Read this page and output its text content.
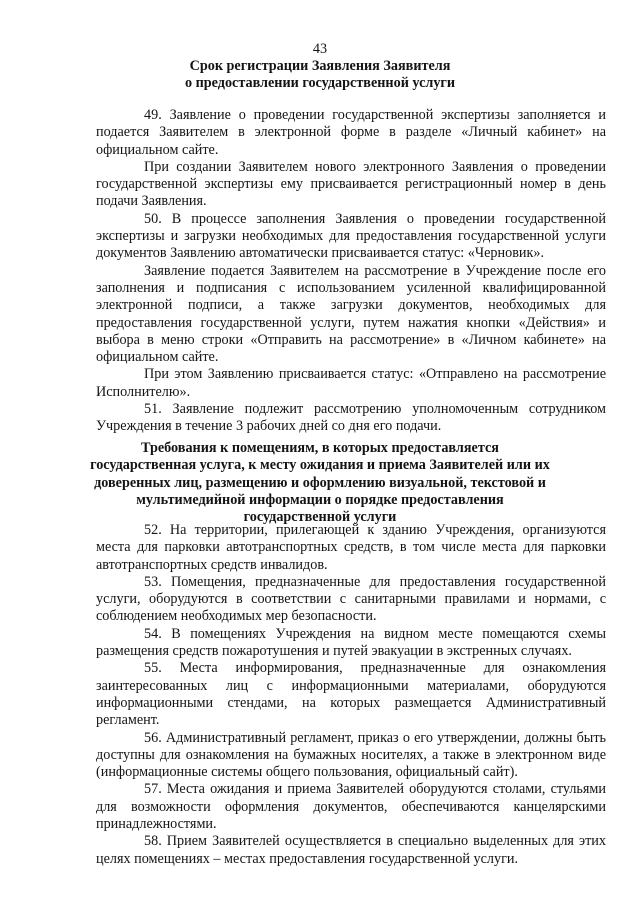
43
Срок регистрации Заявления Заявителя
о предоставлении государственной услуги

49. Заявление о проведении государственной экспертизы заполняется и подается Заявителем в электронной форме в разделе «Личный кабинет» на официальном сайте.

При создании Заявителем нового электронного Заявления о проведении государственной экспертизы ему присваивается регистрационный номер в день подачи Заявления.

50. В процессе заполнения Заявления о проведении государственной экспертизы и загрузки необходимых для предоставления государственной услуги документов Заявлению автоматически присваивается статус: «Черновик».

Заявление подается Заявителем на рассмотрение в Учреждение после его заполнения и подписания с использованием усиленной квалифицированной электронной подписи, а также загрузки документов, необходимых для предоставления государственной услуги, путем нажатия кнопки «Действия» и выбора в меню строки «Отправить на рассмотрение» в «Личном кабинете» на официальном сайте.

При этом Заявлению присваивается статус: «Отправлено на рассмотрение Исполнителю».

51. Заявление подлежит рассмотрению уполномоченным сотрудником Учреждения в течение 3 рабочих дней со дня его подачи.

Требования к помещениям, в которых предоставляется государственная услуга, к месту ожидания и приема Заявителей или их доверенных лиц, размещению и оформлению визуальной, текстовой и мультимедийной информации о порядке предоставления государственной услуги

52. На территории, прилегающей к зданию Учреждения, организуются места для парковки автотранспортных средств, в том числе места для парковки автотранспортных средств инвалидов.

53. Помещения, предназначенные для предоставления государственной услуги, оборудуются в соответствии с санитарными правилами и нормами, с соблюдением необходимых мер безопасности.

54. В помещениях Учреждения на видном месте помещаются схемы размещения средств пожаротушения и путей эвакуации в экстренных случаях.

55. Места информирования, предназначенные для ознакомления заинтересованных лиц с информационными материалами, оборудуются информационными стендами, на которых размещается Административный регламент.

56. Административный регламент, приказ о его утверждении, должны быть доступны для ознакомления на бумажных носителях, а также в электронном виде (информационные системы общего пользования, официальный сайт).

57. Места ожидания и приема Заявителей оборудуются столами, стульями для возможности оформления документов, обеспечиваются канцелярскими принадлежностями.

58. Прием Заявителей осуществляется в специально выделенных для этих целях помещениях – местах предоставления государственной услуги.
